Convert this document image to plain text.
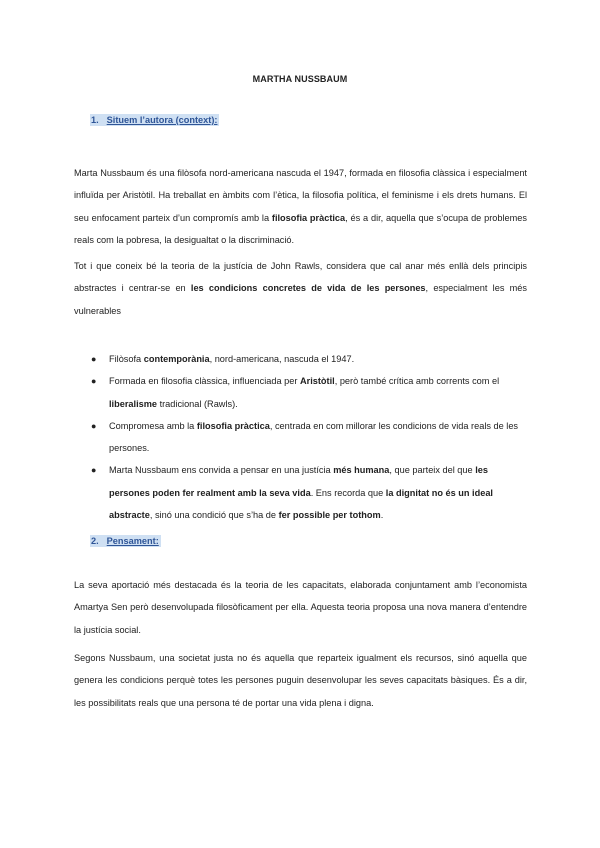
MARTHA NUSSBAUM
1. Situem l’autora (context):

Marta Nussbaum és una filòsofa nord-americana nascuda el 1947, formada en filosofia clàssica i especialment influïda per Aristòtil. Ha treballat en àmbits com l’ètica, la filosofia política, el feminisme i els drets humans. El seu enfocament parteix d’un compromís amb la filosofia pràctica, és a dir, aquella que s’ocupa de problemes reals com la pobresa, la desigualtat o la discriminació.

Tot i que coneix bé la teoria de la justícia de John Rawls, considera que cal anar més enllà dels principis abstractes i centrar-se en les condicions concretes de vida de les persones, especialment les més vulnerables

● Filòsofa contemporània, nord-americana, nascuda el 1947.
● Formada en filosofia clàssica, influenciada per Aristòtil, però també crítica amb corrents com el liberalisme tradicional (Rawls).
● Compromesa amb la filosofia pràctica, centrada en com millorar les condicions de vida reals de les persones.
● Marta Nussbaum ens convida a pensar en una justícia més humana, que parteix del que les persones poden fer realment amb la seva vida. Ens recorda que la dignitat no és un ideal abstracte, sinó una condició que s’ha de fer possible per tothom.
2. Pensament:

La seva aportació més destacada és la teoria de les capacitats, elaborada conjuntament amb l’economista Amartya Sen però desenvolupada filosòficament per ella. Aquesta teoria proposa una nova manera d’entendre la justícia social.

Segons Nussbaum, una societat justa no és aquella que reparteix igualment els recursos, sinó aquella que genera les condicions perquè totes les persones puguin desenvolupar les seves capacitats bàsiques. És a dir, les possibilitats reals que una persona té de portar una vida plena i digna.
